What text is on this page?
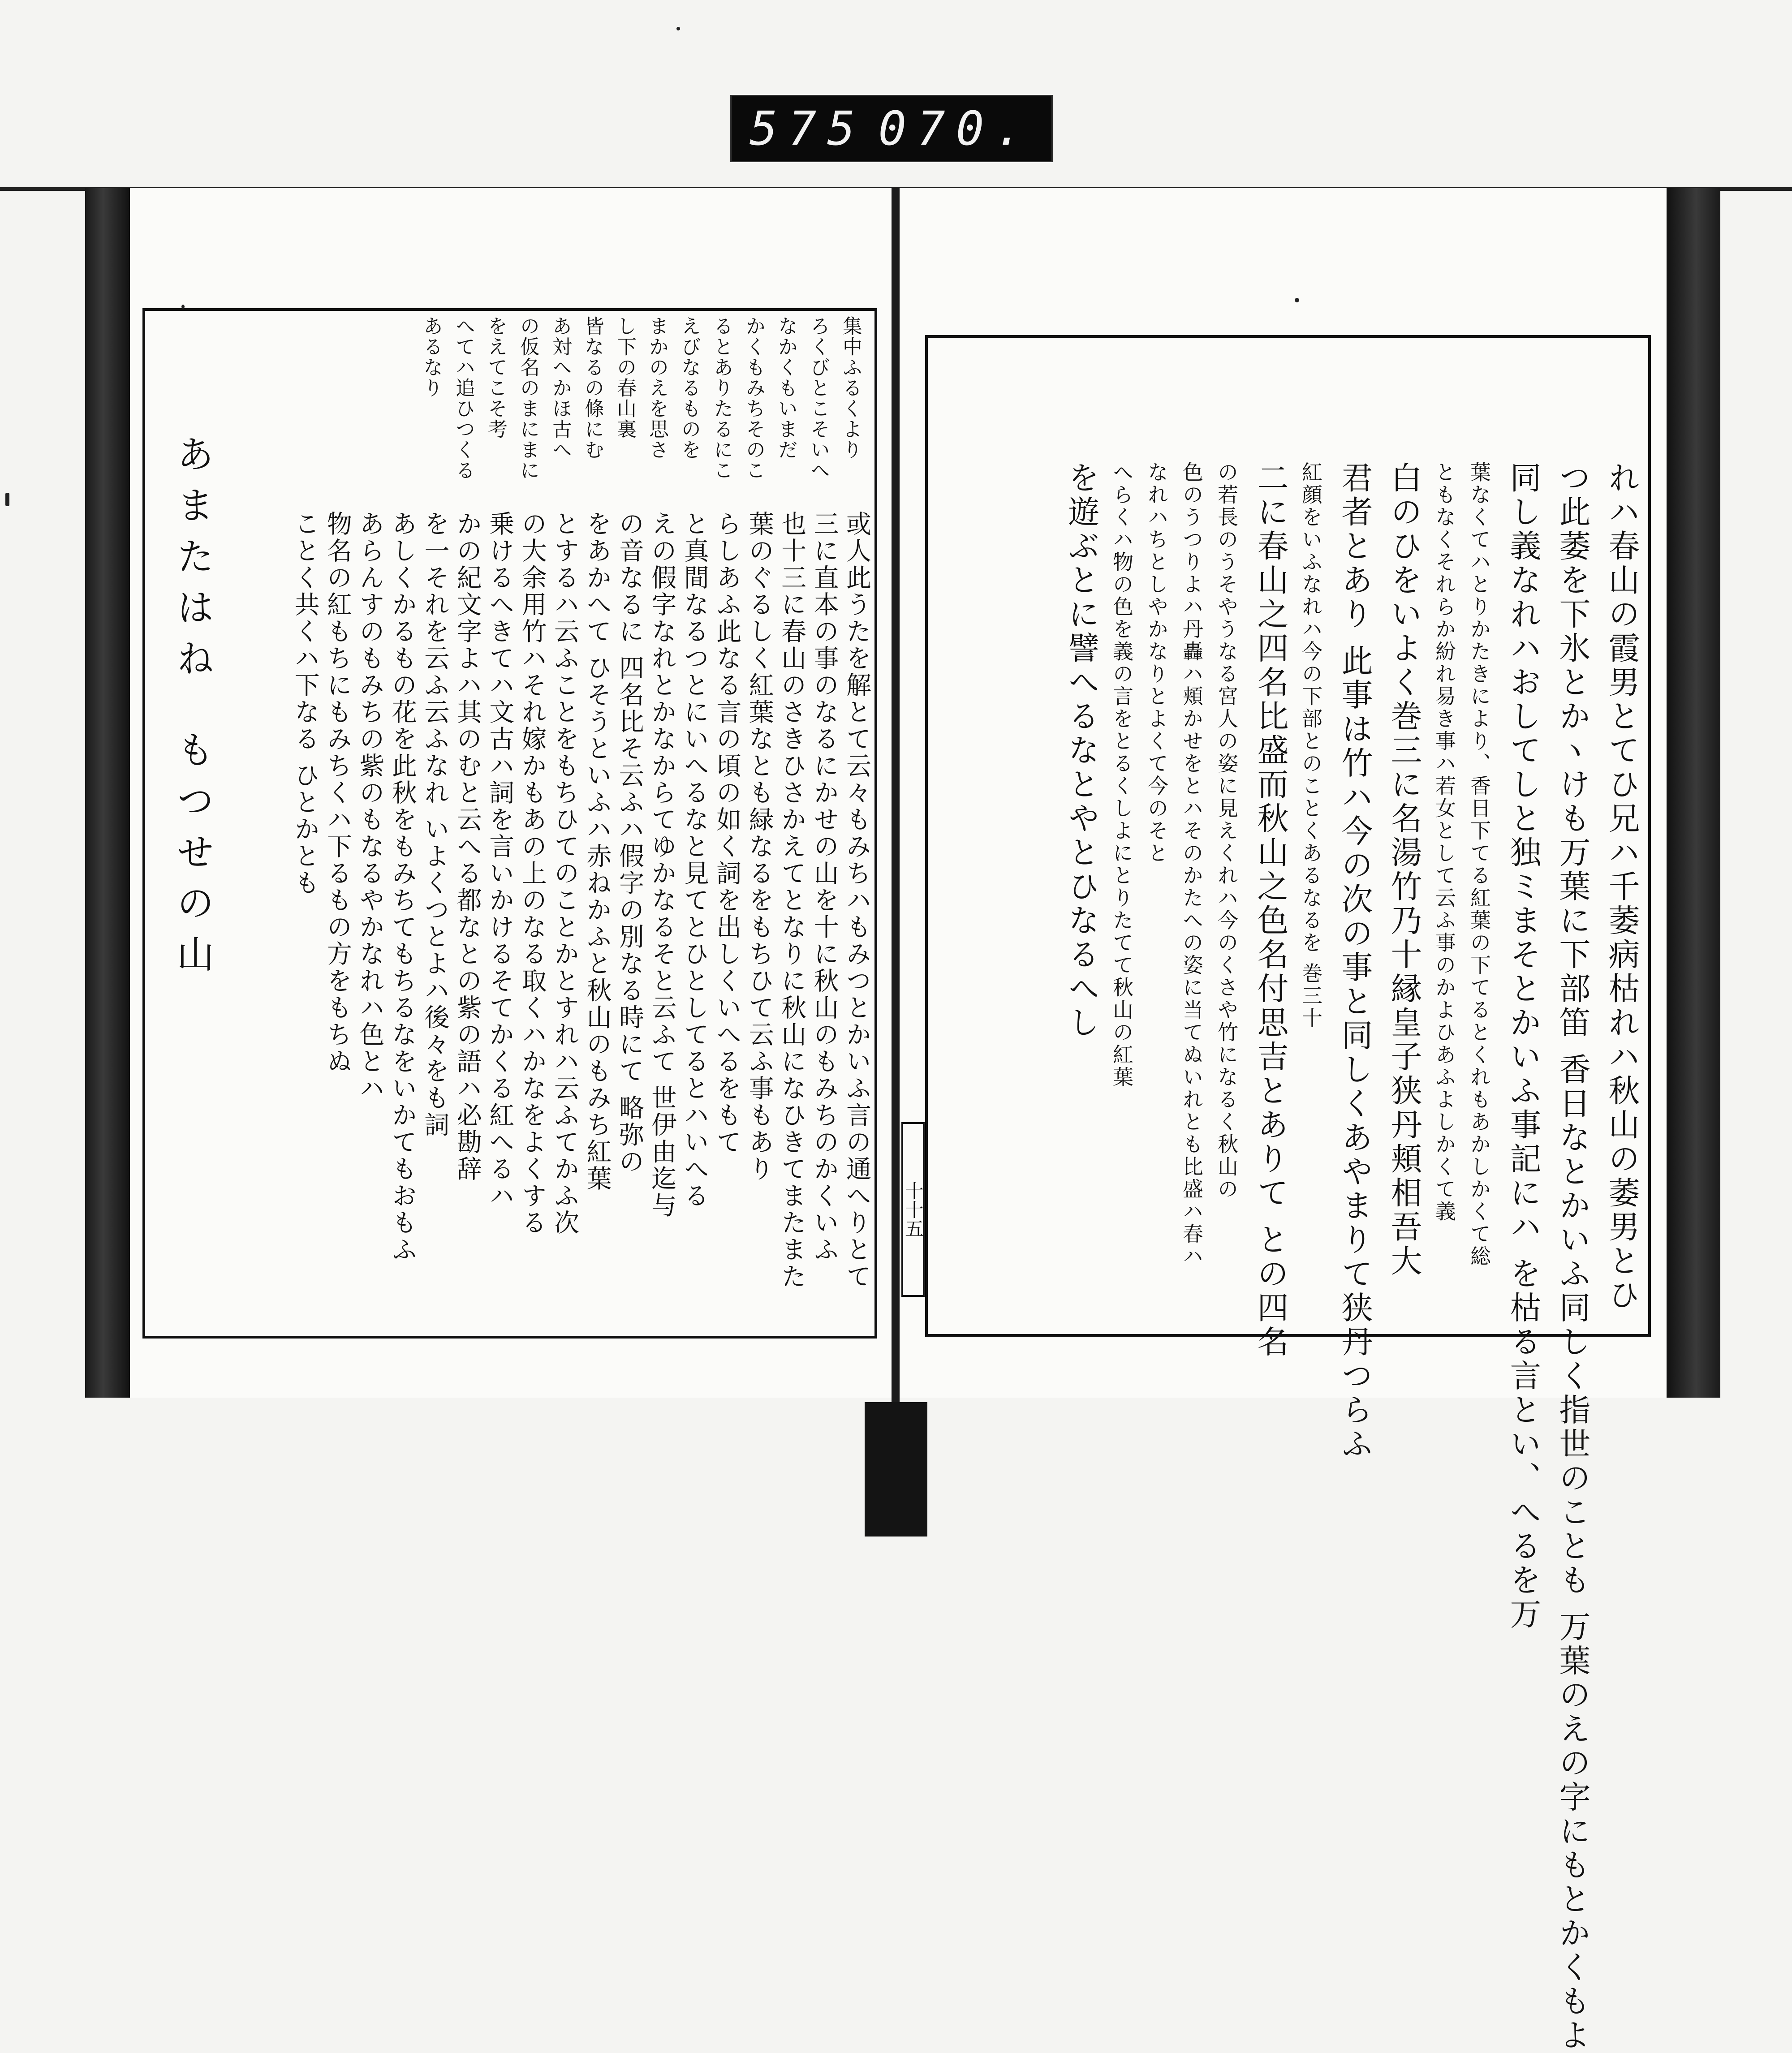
575 070.
れハ春山の霞男とてひ兄ハ千萎病枯れハ秋山の萎男とひ
つ此萎を下氷とかヽけも万葉に下部笛 香日なとかいふ同しく指世のことも 万葉のえの字にもとかくもよ
同し義なれハおしてしと独ミまそとかいふ事記にハ を枯る言とい、へるを万
葉なくてハとりかたきにより、香日下てる紅葉の下てるとくれもあかしかくて総
ともなくそれらか紛れ易き事ハ若女として云ふ事のかよひあふよしかくて義
白のひをいよく巻三に名湯竹乃十縁皇子狭丹頬相吾大
君者とあり 此事は竹ハ今の次の事と同しくあやまりて狭丹つらふ
紅顔をいふなれハ今の下部とのことくあるなるを 巻三十
二に春山之四名比盛而秋山之色名付思吉とありて との四名
の若長のうそやうなる宮人の姿に見えくれハ今のくさや竹になるく秋山の
色のうつりよハ丹轟ハ頬かせをとハそのかたへの姿に当てぬいれとも比盛ハ春ハ
なれハちとしやかなりとよくて今のそと
へらくハ物の色を義の言をとるくしよにとりたてて秋山の紅葉
を遊ぶとに譬へるなとやとひなるへし
集中ふるくより
ろくびとこそいへ
なかくもいまだ
かくもみちそのこ
るとありたるにこ
えびなるものを
まかのえを思さ
し下の春山裏
皆なるの條にむ
あ対へかほ古へ
の仮名のまにまに
をえてこそ考
へてハ追ひつくる
あるなり
或人此うたを解とて云々もみちハもみつとかいふ言の通へりとて
三に直本の事のなるにかせの山を十に秋山のもみちのかくいふ
也十三に春山のさきひさかえてとなりに秋山になひきてまたまた
葉のぐるしく紅葉なとも緑なるをもちひて云ふ事もあり
らしあふ此なる言の頃の如く詞を出しくいへるをもて
と真間なるつとにいへるなと見てとひとしてるとハいへる
えの假字なれとかなからてゆかなるそと云ふて 世伊由迄与
の音なるに 四名比そ云ふハ假字の別なる時にて 略弥の
をあかへて ひそうといふハ赤ねかふと秋山のもみち紅葉
とするハ云ふことをもちひてのことかとすれハ云ふてかふ次
の大余用竹ハそれ嫁かもあの上のなる取くハかなをよくする
乗けるへきてハ文古ハ詞を言いかけるそてかくる紅へるハ
かの紀文字よハ其のむと云へる都なとの紫の語ハ必勘辞
を一それを云ふ云ふなれ いよくつとよハ後々をも詞
あしくかるもの花を此秋をもみちてもちるなをいかてもおもふ
あらんすのもみちの紫のもなるやかなれハ色とハ
物名の紅もちにもみちくハ下るもの方をもちぬ
ことく共くハ下なる ひとかとも
あまたはねもつせの山
十十五
